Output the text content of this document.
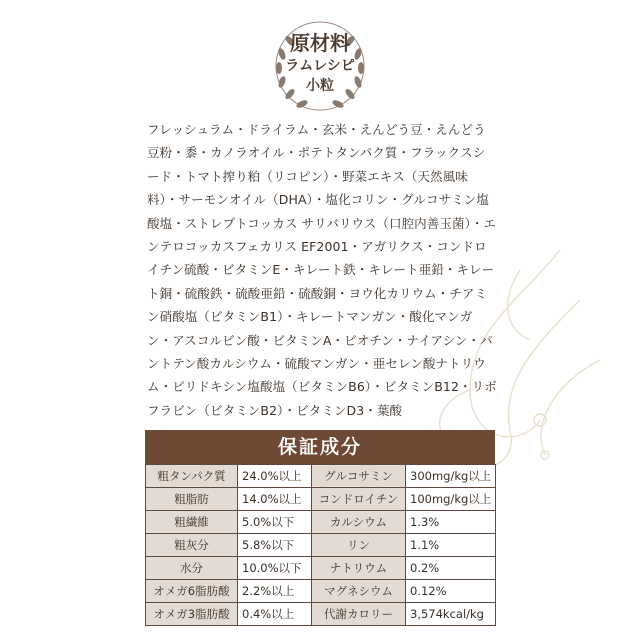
原材料
ラムレシピ
小粒

フレッシュラム・ドライラム・玄米・えんどう豆・えんどう豆粉・黍・カノラオイル・ポテトタンパク質・フラックスシード・トマト搾り粕（リコピン）・野菜エキス（天然風味料）・サーモンオイル（DHA）・塩化コリン・グルコサミン塩酸塩・ストレプトコッカス サリバリウス（口腔内善玉菌）・エンテロコッカスフェカリス EF2001・アガリクス・コンドロイチン硫酸・ビタミンE・キレート鉄・キレート亜鉛・キレート銅・硫酸鉄・硫酸亜鉛・硫酸銅・ヨウ化カリウム・チアミン硝酸塩（ビタミンB1）・キレートマンガン・酸化マンガン・アスコルビン酸・ビタミンA・ビオチン・ナイアシン・パントテン酸カルシウム・硫酸マンガン・亜セレン酸ナトリウム・ピリドキシン塩酸塩（ビタミンB6）・ビタミンB12・リボフラビン（ビタミンB2）・ビタミンD3・葉酸

保証成分
粗タンパク質	24.0%以上	グルコサミン	300mg/kg以上
粗脂肪	14.0%以上	コンドロイチン	100mg/kg以上
粗繊維	5.0%以下	カルシウム	1.3%
粗灰分	5.8%以下	リン	1.1%
水分	10.0%以下	ナトリウム	0.2%
オメガ6脂肪酸	2.2%以上	マグネシウム	0.12%
オメガ3脂肪酸	0.4%以上	代謝カロリー	3,574kcal/kg
